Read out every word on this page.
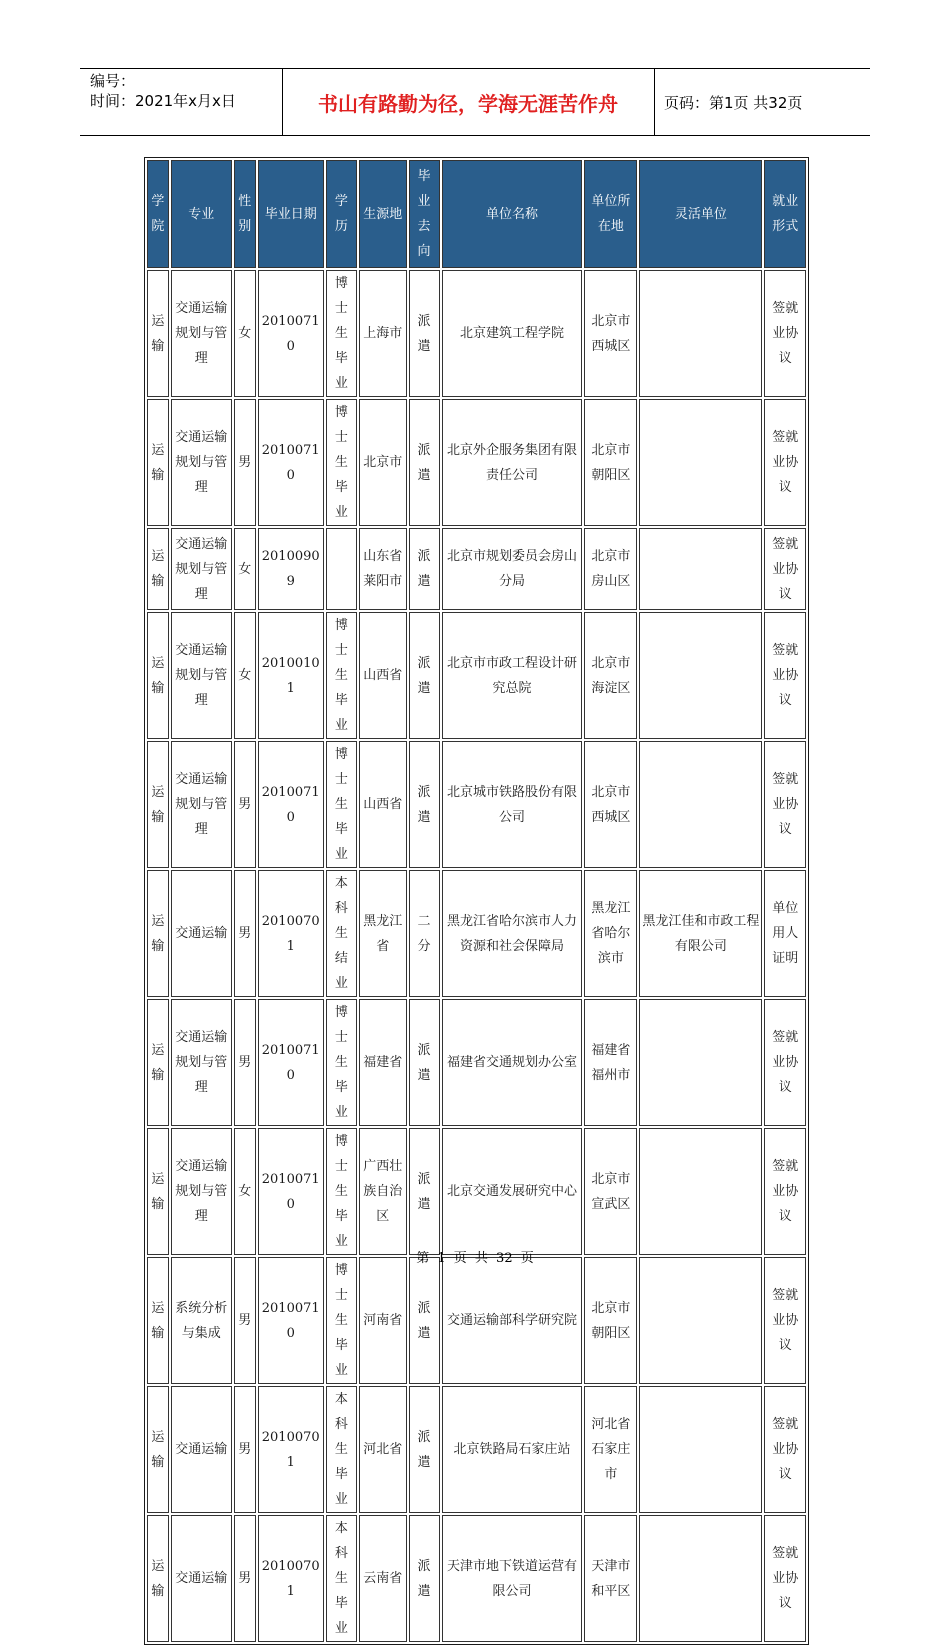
编号：
时间：2021年x月x日	书山有路勤为径，学海无涯苦作舟	页码：第1页 共32页
学院	专业	性别	毕业日期	学历	生源地	毕业去向	单位名称	单位所在地	灵活单位	就业形式
运输	交通运输规划与管理	女	20100710	博士生毕业	上海市	派遣	北京建筑工程学院	北京市西城区		签就业协议
运输	交通运输规划与管理	男	20100710	博士生毕业	北京市	派遣	北京外企服务集团有限责任公司	北京市朝阳区		签就业协议
运输	交通运输规划与管理	女	20100909		山东省莱阳市	派遣	北京市规划委员会房山分局	北京市房山区		签就业协议
运输	交通运输规划与管理	女	20100101	博士生毕业	山西省	派遣	北京市市政工程设计研究总院	北京市海淀区		签就业协议
运输	交通运输规划与管理	男	20100710	博士生毕业	山西省	派遣	北京城市铁路股份有限公司	北京市西城区		签就业协议
运输	交通运输	男	20100701	本科生结业	黑龙江省	二分	黑龙江省哈尔滨市人力资源和社会保障局	黑龙江省哈尔滨市	黑龙江佳和市政工程有限公司	单位用人证明
运输	交通运输规划与管理	男	20100710	博士生毕业	福建省	派遣	福建省交通规划办公室	福建省福州市		签就业协议
运输	交通运输规划与管理	女	20100710	博士生毕业	广西壮族自治区	派遣	北京交通发展研究中心	北京市宣武区		签就业协议
运输	系统分析与集成	男	20100710	博士生毕业	河南省	派遣	交通运输部科学研究院	北京市朝阳区		签就业协议
运输	交通运输	男	20100701	本科生毕业	河北省	派遣	北京铁路局石家庄站	河北省石家庄市		签就业协议
运输	交通运输	男	20100701	本科生毕业	云南省	派遣	天津市地下铁道运营有限公司	天津市和平区		签就业协议
第 1 页 共 32 页
